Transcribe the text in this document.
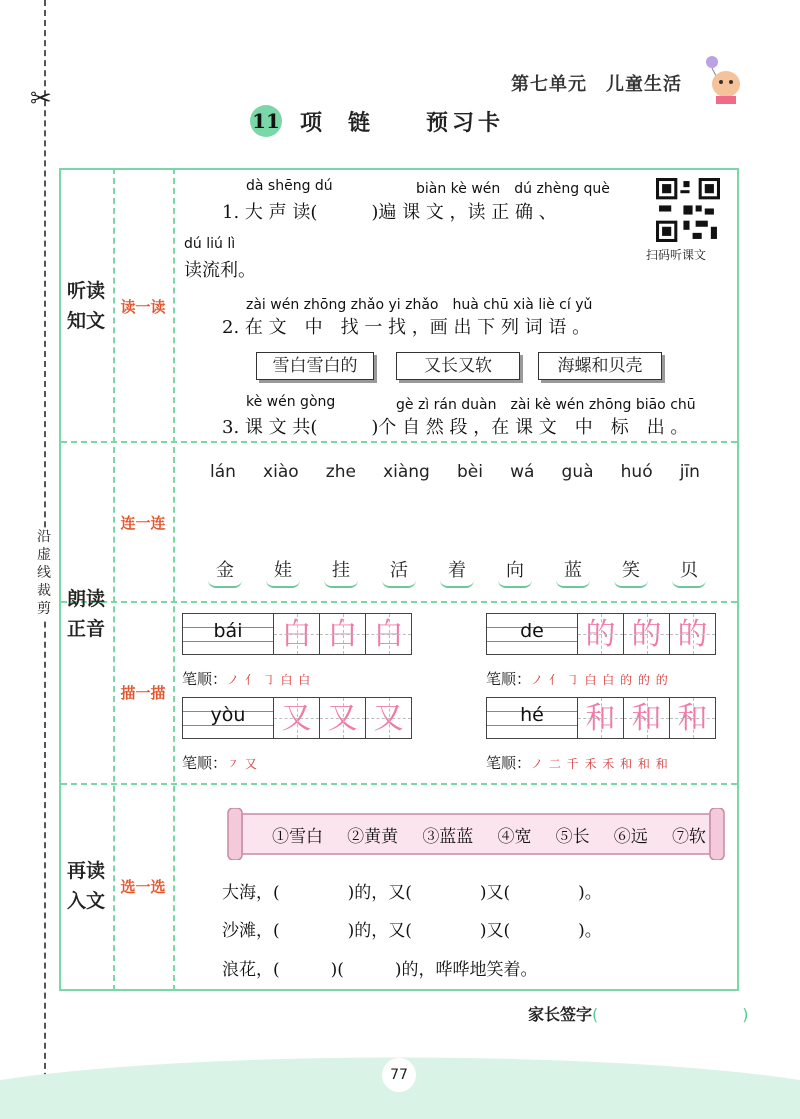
✂
沿虚线裁剪
第七单元　儿童生活
11 项链 预习卡
听读
知文
读一读
朗读
正音
连一连
描一描
再读
入文
选一选
dà shēng dú	biàn kè wén　dú zhèng què
1. 大 声 读(　　　)遍 课 文 ，读 正 确 、
dú liú lì
读流利。
扫码听课文
zài wén zhōng zhǎo yi zhǎo　huà chū xià liè cí yǔ
2. 在 文　中　找 一 找 ，画 出 下 列 词 语 。
雪白雪白的	又长又软	海螺和贝壳
kè wén gòng	gè zì rán duàn　zài kè wén zhōng biāo chū
3. 课 文 共(　　　)个 自 然 段 ，在 课 文　中　标　出 。
lán xiào zhe xiàng bèi wá guà huó jīn
金 娃 挂 活 着 向 蓝 笑 贝
bái	白 白 白
笔顺：ノ 亻 ㇆ 白 白
de	的 的 的
笔顺：ノ 亻 ㇆ 白 白 的 的 的
yòu	又 又 又
笔顺：㇇ 又
hé	和 和 和
笔顺：ノ 二 千 禾 禾 和 和 和
①雪白 ②黄黄 ③蓝蓝 ④宽 ⑤长 ⑥远 ⑦软
大海，(　　　　)的，又(　　　　)又(　　　　)。
沙滩，(　　　　)的，又(　　　　)又(　　　　)。
浪花，(　　　)(　　　)的，哗哗地笑着。
家长签字(　　　　　　　　　)
77
